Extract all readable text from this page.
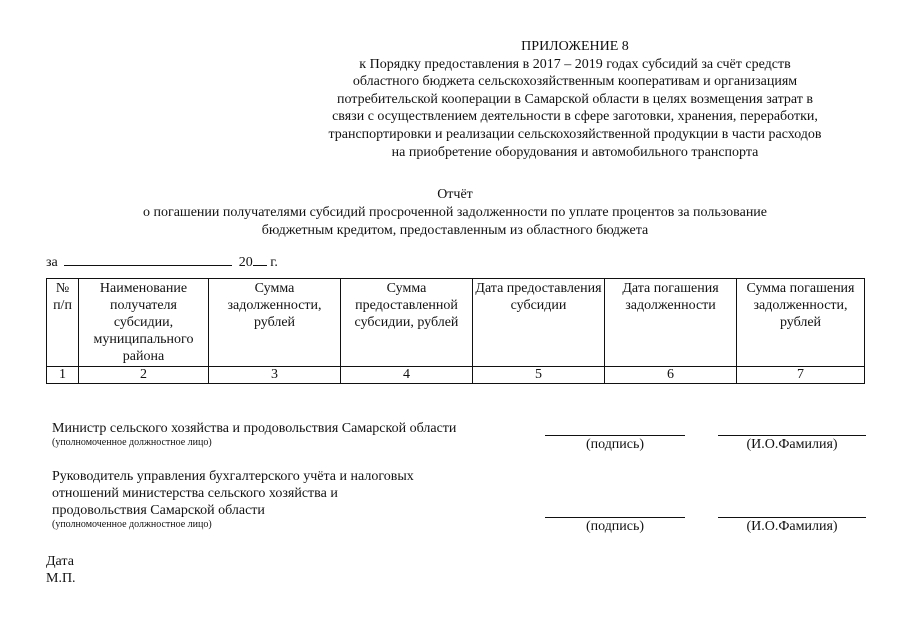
ПРИЛОЖЕНИЕ 8
к Порядку предоставления в 2017 – 2019 годах субсидий за счёт средств
областного бюджета сельскохозяйственным кооперативам и организациям
потребительской кооперации в Самарской области в целях возмещения затрат в
связи с осуществлением деятельности в сфере заготовки, хранения, переработки,
транспортировки и реализации сельскохозяйственной продукции в части расходов
на приобретение оборудования и автомобильного транспорта
Отчёт
о погашении получателями субсидий просроченной задолженности по уплате процентов за пользование
бюджетным кредитом, предоставленным из областного бюджета
за	20 г.
№ п/п	Наименование получателя субсидии, муниципального района	Сумма задолженности, рублей	Сумма предоставленной субсидии, рублей	Дата предоставления субсидии	Дата погашения задолженности	Сумма погашения задолженности, рублей
1	2	3	4	5	6	7
Министр сельского хозяйства и продовольствия Самарской области
(уполномоченное должностное лицо)	(подпись)	(И.О.Фамилия)
Руководитель управления бухгалтерского учёта и налоговых
отношений министерства сельского хозяйства и
продовольствия Самарской области
(уполномоченное должностное лицо)	(подпись)	(И.О.Фамилия)
Дата
М.П.
